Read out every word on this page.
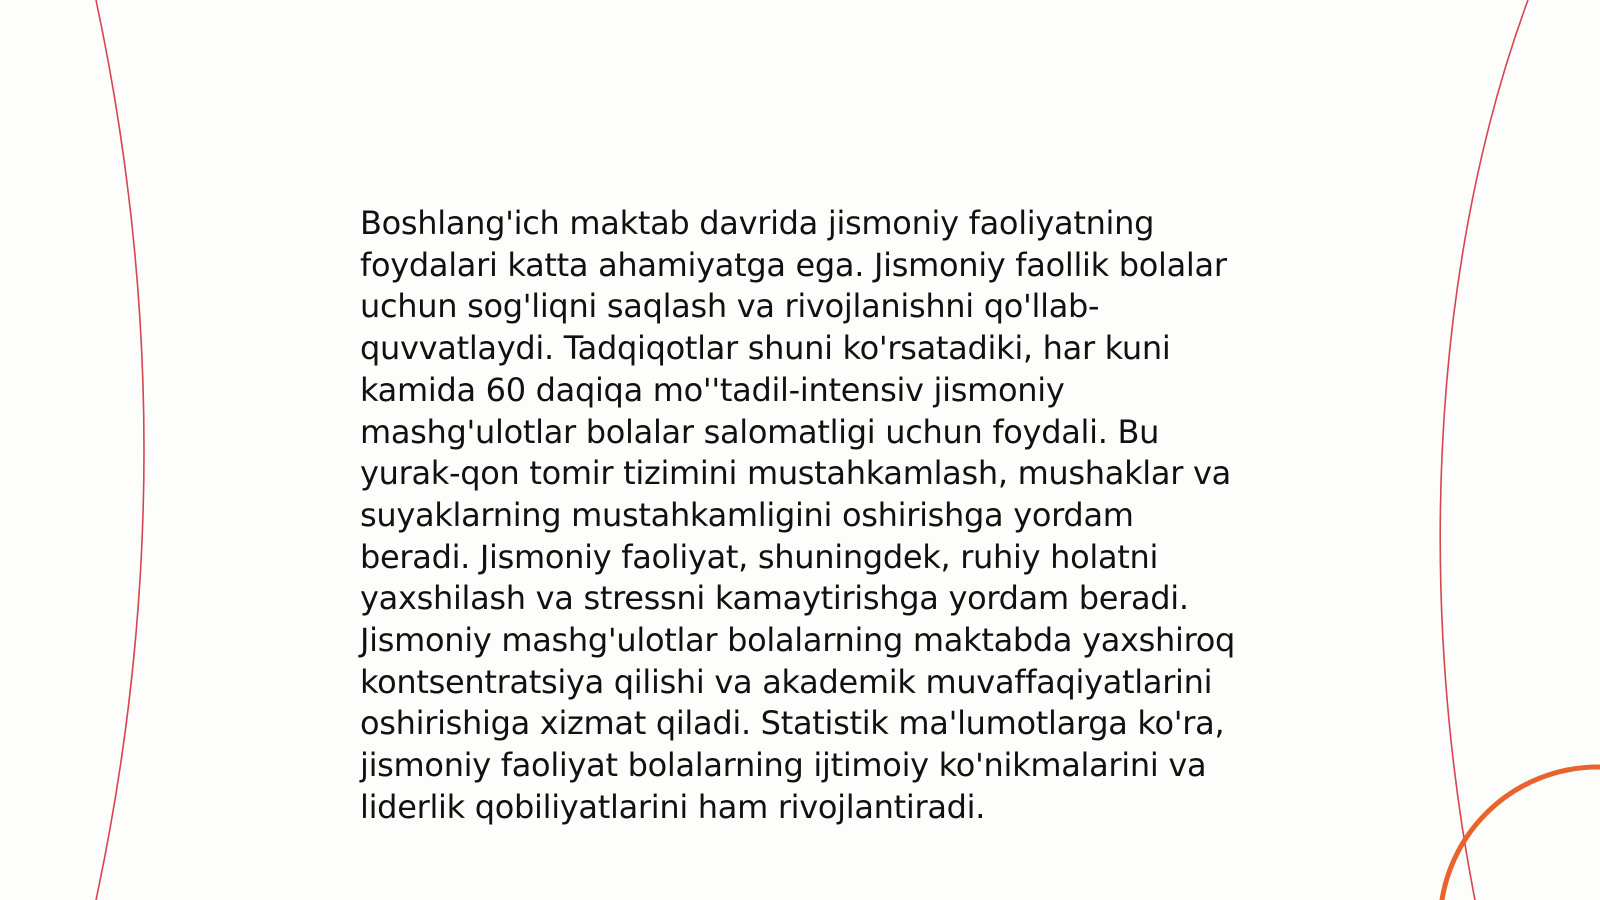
Boshlang'ich maktab davrida jismoniy faoliyatning foydalari katta ahamiyatga ega. Jismoniy faollik bolalar uchun sog'liqni saqlash va rivojlanishni qo'llab-quvvatlaydi. Tadqiqotlar shuni ko'rsatadiki, har kuni kamida 60 daqiqa mo''tadil-intensiv jismoniy mashg'ulotlar bolalar salomatligi uchun foydali. Bu yurak-qon tomir tizimini mustahkamlash, mushaklar va suyaklarning mustahkamligini oshirishga yordam beradi. Jismoniy faoliyat, shuningdek, ruhiy holatni yaxshilash va stressni kamaytirishga yordam beradi. Jismoniy mashg'ulotlar bolalarning maktabda yaxshiroq kontsentratsiya qilishi va akademik muvaffaqiyatlarini oshirishiga xizmat qiladi. Statistik ma'lumotlarga ko'ra, jismoniy faoliyat bolalarning ijtimoiy ko'nikmalarini va liderlik qobiliyatlarini ham rivojlantiradi.
